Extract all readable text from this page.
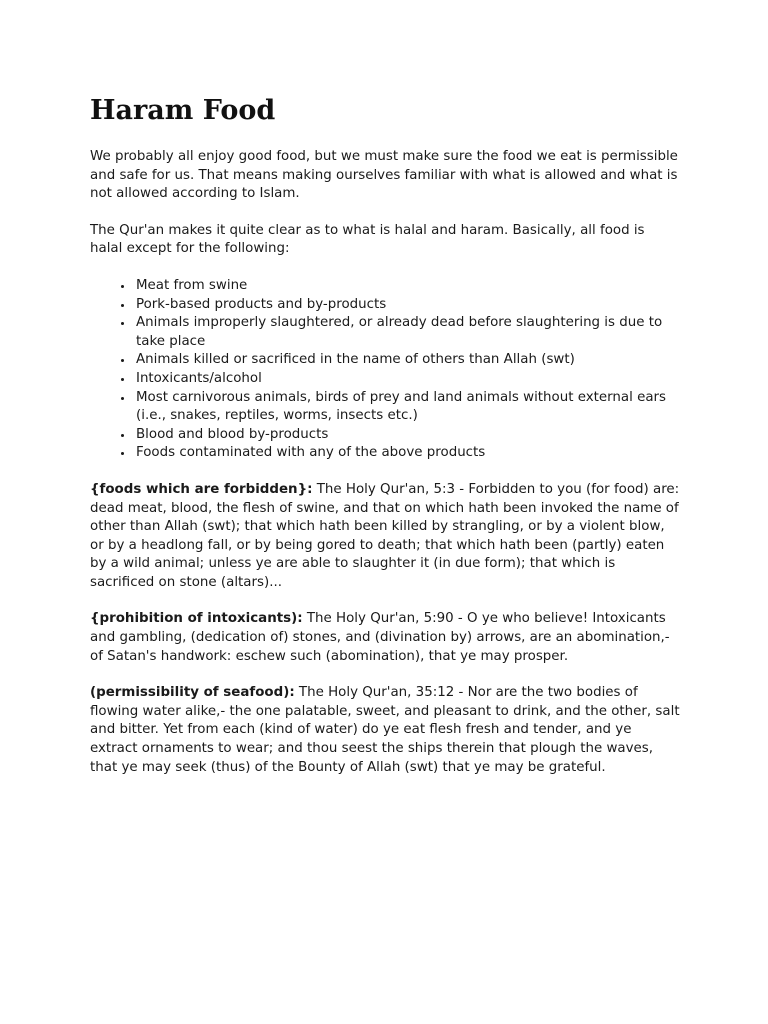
Haram Food

We probably all enjoy good food, but we must make sure the food we eat is permissible and safe for us. That means making ourselves familiar with what is allowed and what is not allowed according to Islam.

The Qur'an makes it quite clear as to what is halal and haram. Basically, all food is halal except for the following:

• Meat from swine
• Pork-based products and by-products
• Animals improperly slaughtered, or already dead before slaughtering is due to take place
• Animals killed or sacrificed in the name of others than Allah (swt)
• Intoxicants/alcohol
• Most carnivorous animals, birds of prey and land animals without external ears (i.e., snakes, reptiles, worms, insects etc.)
• Blood and blood by-products
• Foods contaminated with any of the above products

{foods which are forbidden}: The Holy Qur'an, 5:3 - Forbidden to you (for food) are: dead meat, blood, the flesh of swine, and that on which hath been invoked the name of other than Allah (swt); that which hath been killed by strangling, or by a violent blow, or by a headlong fall, or by being gored to death; that which hath been (partly) eaten by a wild animal; unless ye are able to slaughter it (in due form); that which is sacrificed on stone (altars)...

{prohibition of intoxicants): The Holy Qur'an, 5:90 - O ye who believe! Intoxicants and gambling, (dedication of) stones, and (divination by) arrows, are an abomination,- of Satan's handwork: eschew such (abomination), that ye may prosper.

(permissibility of seafood): The Holy Qur'an, 35:12 - Nor are the two bodies of flowing water alike,- the one palatable, sweet, and pleasant to drink, and the other, salt and bitter. Yet from each (kind of water) do ye eat flesh fresh and tender, and ye extract ornaments to wear; and thou seest the ships therein that plough the waves, that ye may seek (thus) of the Bounty of Allah (swt) that ye may be grateful.
